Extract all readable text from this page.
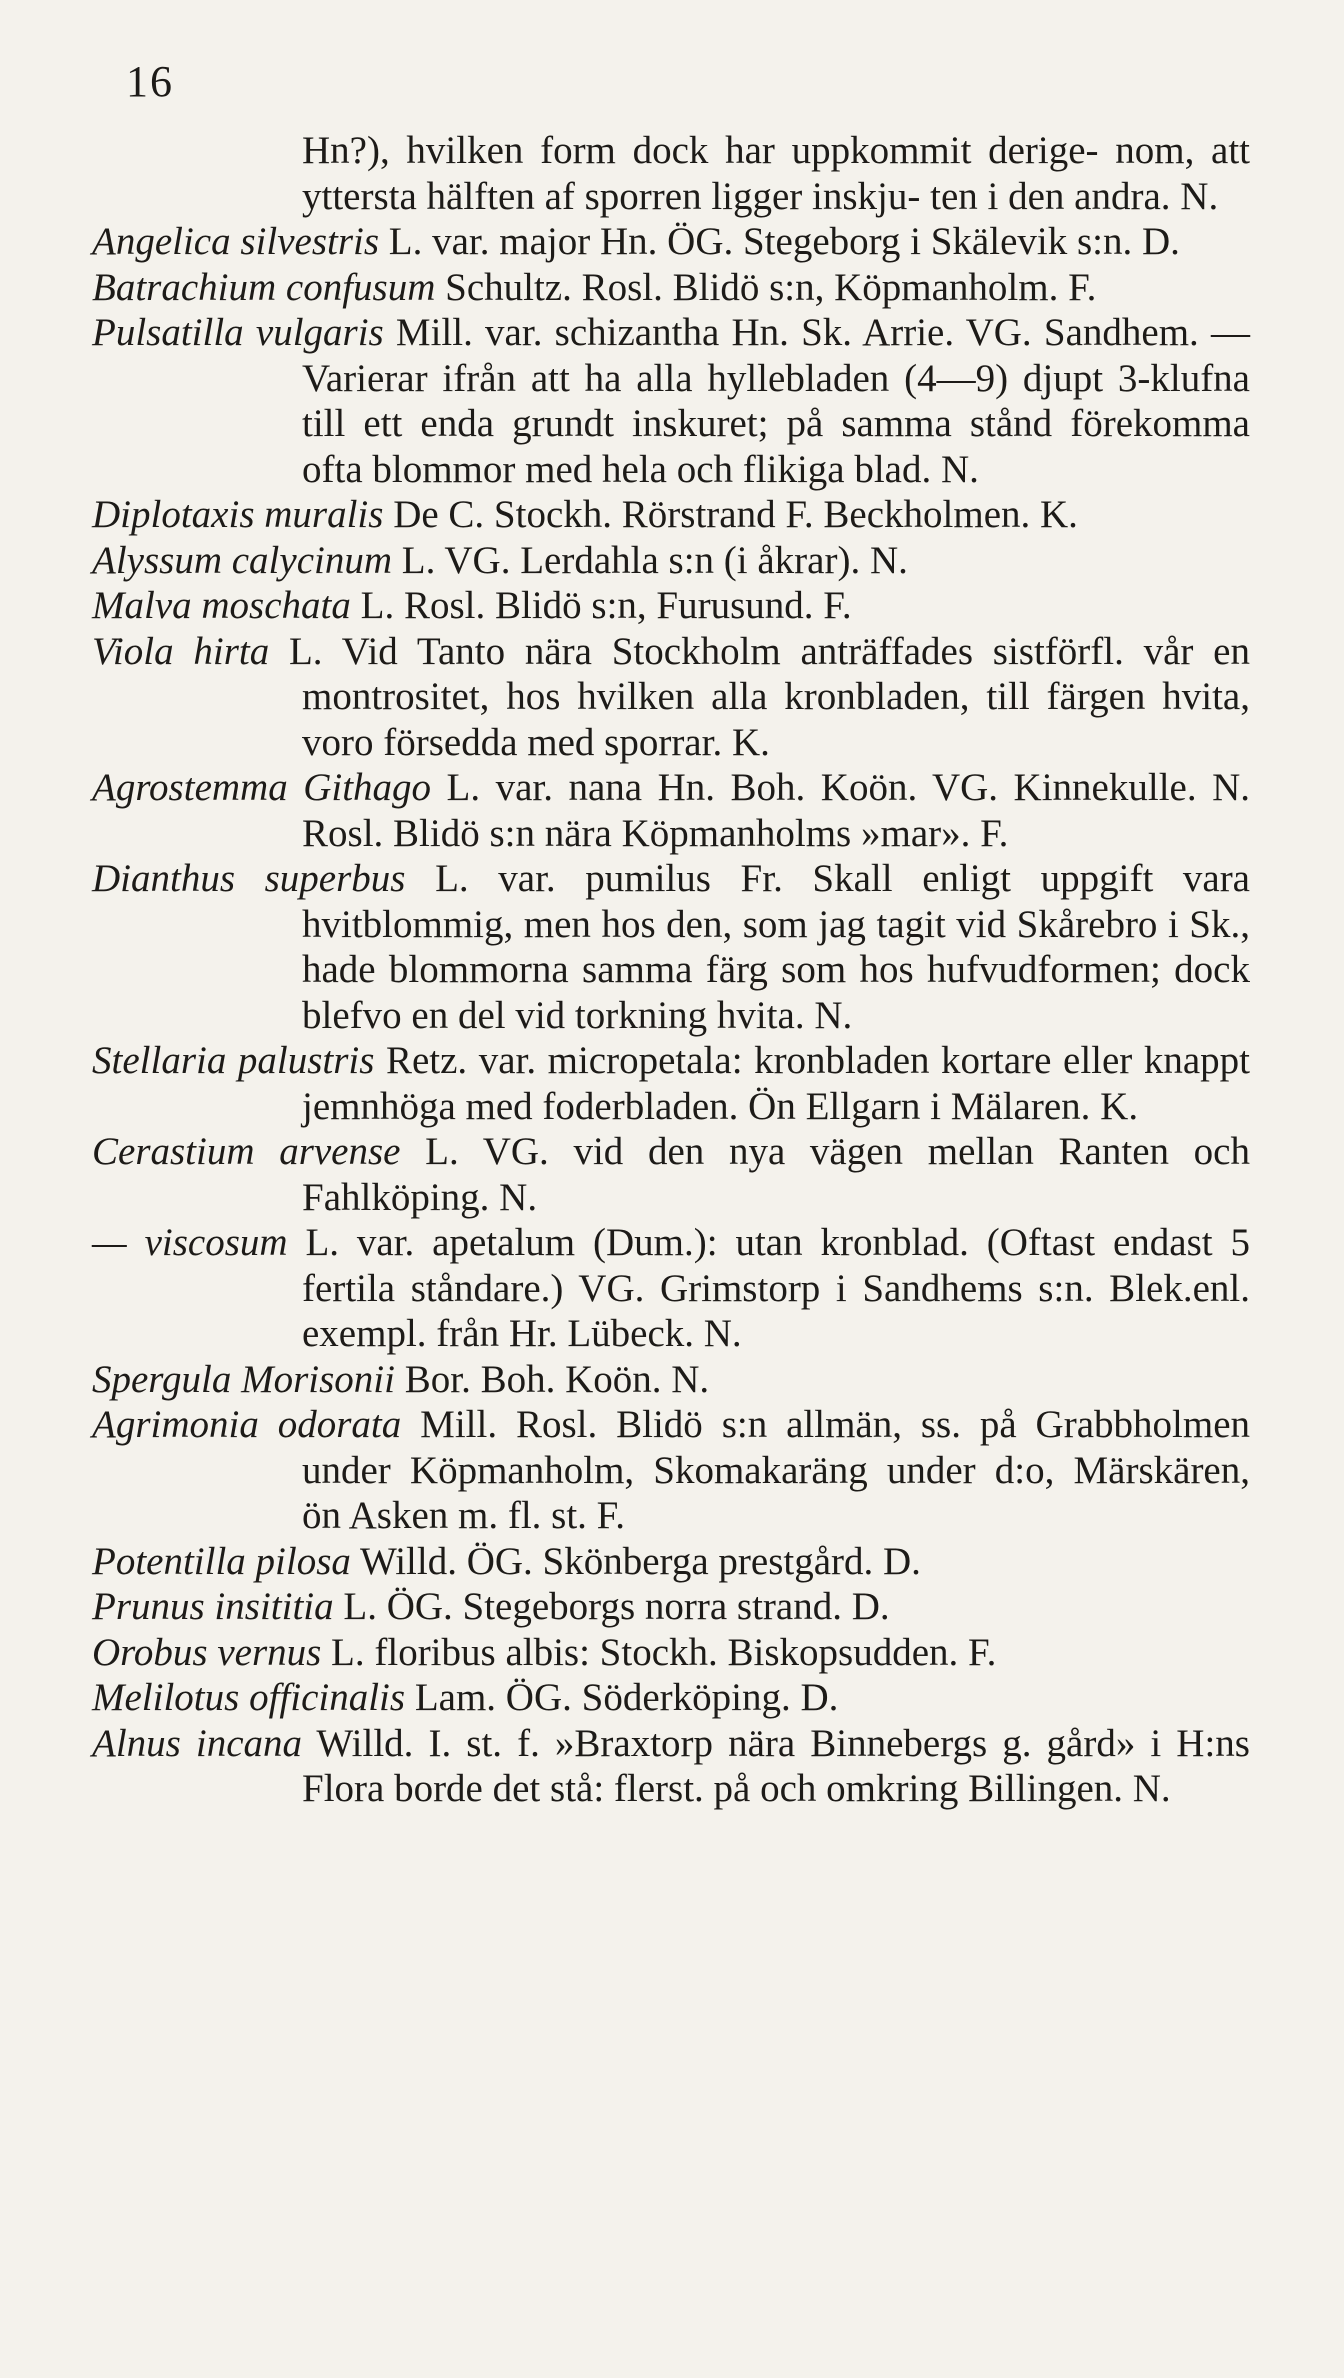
16

Hn?), hvilken form dock har uppkommit derige- nom, att yttersta hälften af sporren ligger inskju- ten i den andra. N.

Angelica silvestris L. var. major Hn. ÖG. Stegeborg i Skälevik s:n. D.

Batrachium confusum Schultz. Rosl. Blidö s:n, Köpmanholm. F.

Pulsatilla vulgaris Mill. var. schizantha Hn. Sk. Arrie. VG. Sandhem. — Varierar ifrån att ha alla hyllebladen (4—9) djupt 3-klufna till ett enda grundt inskuret; på samma stånd förekomma ofta blommor med hela och flikiga blad. N.

Diplotaxis muralis De C. Stockh. Rörstrand F. Beckholmen. K.

Alyssum calycinum L. VG. Lerdahla s:n (i åkrar). N.

Malva moschata L. Rosl. Blidö s:n, Furusund. F.

Viola hirta L. Vid Tanto nära Stockholm anträffades sistförfl. vår en montrositet, hos hvilken alla kronbladen, till färgen hvita, voro försedda med sporrar. K.

Agrostemma Githago L. var. nana Hn. Boh. Koön. VG. Kinnekulle. N. Rosl. Blidö s:n nära Köpmanholms »mar». F.

Dianthus superbus L. var. pumilus Fr. Skall enligt uppgift vara hvitblommig, men hos den, som jag tagit vid Skårebro i Sk., hade blommorna samma färg som hos hufvudformen; dock blefvo en del vid torkning hvita. N.

Stellaria palustris Retz. var. micropetala: kronbladen kortare eller knappt jemnhöga med foderbladen. Ön Ellgarn i Mälaren. K.

Cerastium arvense L. VG. vid den nya vägen mellan Ranten och Fahlköping. N.

— viscosum L. var. apetalum (Dum.): utan kronblad. (Oftast endast 5 fertila ståndare.) VG. Grimstorp i Sandhems s:n. Blek.enl. exempl. från Hr. Lübeck. N.

Spergula Morisonii Bor. Boh. Koön. N.

Agrimonia odorata Mill. Rosl. Blidö s:n allmän, ss. på Grabbholmen under Köpmanholm, Skomakaräng under d:o, Märskären, ön Asken m. fl. st. F.

Potentilla pilosa Willd. ÖG. Skönberga prestgård. D.

Prunus insititia L. ÖG. Stegeborgs norra strand. D.

Orobus vernus L. floribus albis: Stockh. Biskopsudden. F.

Melilotus officinalis Lam. ÖG. Söderköping. D.

Alnus incana Willd. I. st. f. »Braxtorp nära Binnebergs g. gård» i H:ns Flora borde det stå: flerst. på och omkring Billingen. N.
